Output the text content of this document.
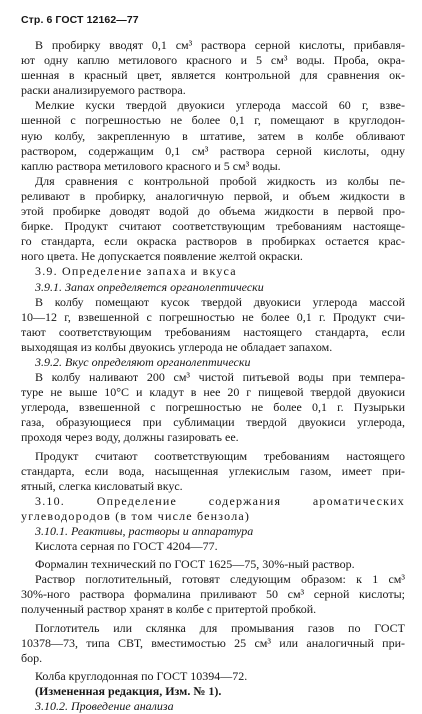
Стр. 6 ГОСТ 12162—77
В пробирку вводят 0,1 см³ раствора серной кислоты, прибавля-
ют одну каплю метилового красного и 5 см³ воды. Проба, окра-
шенная в красный цвет, является контрольной для сравнения ок-
раски анализируемого раствора.
Мелкие куски твердой двуокиси углерода массой 60 г, взве-
шенной с погрешностью не более 0,1 г, помещают в круглодон-
ную колбу, закрепленную в штативе, затем в колбе обливают
раствором, содержащим 0,1 см³ раствора серной кислоты, одну
каплю раствора метилового красного и 5 см³ воды.
Для сравнения с контрольной пробой жидкость из колбы пе-
реливают в пробирку, аналогичную первой, и объем жидкости в
этой пробирке доводят водой до объема жидкости в первой про-
бирке. Продукт считают соответствующим требованиям настояще-
го стандарта, если окраска растворов в пробирках остается крас-
ного цвета. Не допускается появление желтой окраски.
3.9. Определение запаха и вкуса
3.9.1. Запах определяется органолептически
В колбу помещают кусок твердой двуокиси углерода массой
10—12 г, взвешенной с погрешностью не более 0,1 г. Продукт счи-
тают соответствующим требованиям настоящего стандарта, если
выходящая из колбы двуокись углерода не обладает запахом.
3.9.2. Вкус определяют органолептически
В колбу наливают 200 см³ чистой питьевой воды при темпера-
туре не выше 10°С и кладут в нее 20 г пищевой твердой двуокиси
углерода, взвешенной с погрешностью не более 0,1 г. Пузырьки
газа, образующиеся при сублимации твердой двуокиси углерода,
проходя через воду, должны газировать ее.
Продукт считают соответствующим требованиям настоящего
стандарта, если вода, насыщенная углекислым газом, имеет при-
ятный, слегка кисловатый вкус.
3.10. Определение содержания ароматических
углеводородов (в том числе бензола)
3.10.1. Реактивы, растворы и аппаратура
Кислота серная по ГОСТ 4204—77.
Формалин технический по ГОСТ 1625—75, 30%-ный раствор.
Раствор поглотительный, готовят следующим образом: к 1 см³
30%-ного раствора формалина приливают 50 см³ серной кислоты;
полученный раствор хранят в колбе с притертой пробкой.
Поглотитель или склянка для промывания газов по ГОСТ
10378—73, типа СВТ, вместимостью 25 см³ или аналогичный при-
бор.
Колба круглодонная по ГОСТ 10394—72.
(Измененная редакция, Изм. № 1).
3.10.2. Проведение анализа
